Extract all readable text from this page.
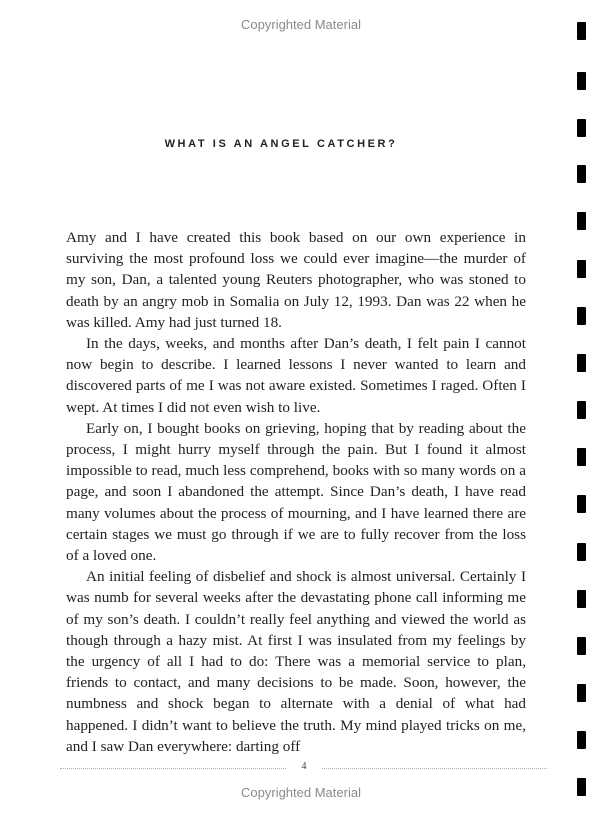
Copyrighted Material
WHAT IS AN ANGEL CATCHER?

Amy and I have created this book based on our own experience in surviving the most profound loss we could ever imagine—the murder of my son, Dan, a talented young Reuters photographer, who was stoned to death by an angry mob in Somalia on July 12, 1993. Dan was 22 when he was killed. Amy had just turned 18.

In the days, weeks, and months after Dan’s death, I felt pain I cannot now begin to describe. I learned lessons I never wanted to learn and discovered parts of me I was not aware existed. Sometimes I raged. Often I wept. At times I did not even wish to live.

Early on, I bought books on grieving, hoping that by reading about the process, I might hurry myself through the pain. But I found it almost impossible to read, much less comprehend, books with so many words on a page, and soon I abandoned the attempt. Since Dan’s death, I have read many volumes about the process of mourning, and I have learned there are certain stages we must go through if we are to fully recover from the loss of a loved one.

An initial feeling of disbelief and shock is almost universal. Certainly I was numb for several weeks after the devastating phone call informing me of my son’s death. I couldn’t really feel anything and viewed the world as though through a hazy mist. At first I was insulated from my feelings by the urgency of all I had to do: There was a memorial service to plan, friends to contact, and many decisions to be made. Soon, however, the numbness and shock began to alternate with a denial of what had happened. I didn’t want to believe the truth. My mind played tricks on me, and I saw Dan everywhere: darting off

4
Copyrighted Material
